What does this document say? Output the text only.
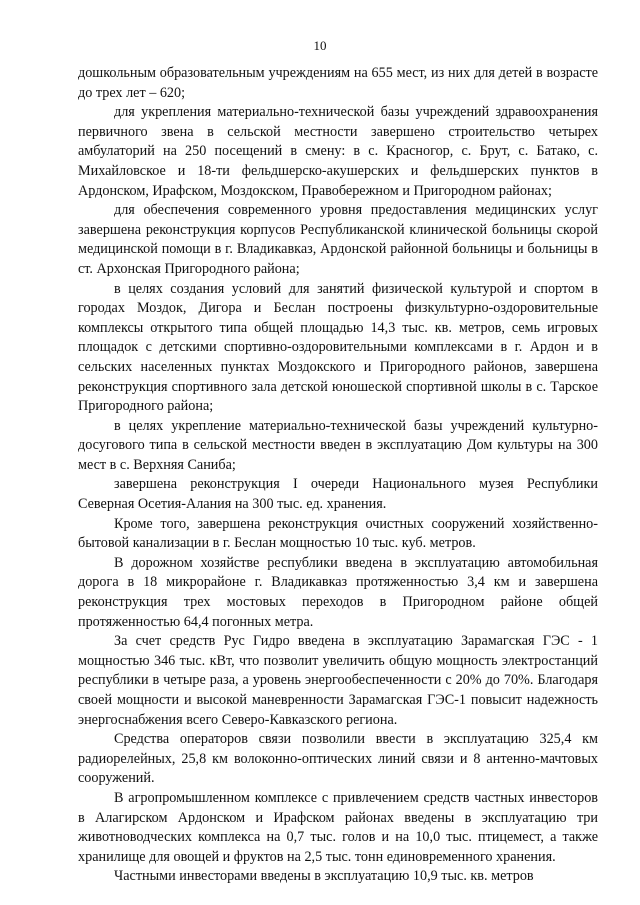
10

дошкольным образовательным учреждениям на 655 мест, из них для детей в возрасте до трех лет – 620;

для укрепления материально-технической базы учреждений здравоохранения первичного звена в сельской местности завершено строительство четырех амбулаторий на 250 посещений в смену: в с. Красногор, с. Брут, с. Батако, с. Михайловское и 18-ти фельдшерско-акушерских и фельдшерских пунктов в Ардонском, Ирафском, Моздокском, Правобережном и Пригородном районах;

для обеспечения современного уровня предоставления медицинских услуг завершена реконструкция корпусов Республиканской клинической больницы скорой медицинской помощи в г. Владикавказ, Ардонской районной больницы и больницы в ст. Архонская Пригородного района;

в целях создания условий для занятий физической культурой и спортом в городах Моздок, Дигора и Беслан построены физкультурно-оздоровительные комплексы открытого типа общей площадью 14,3 тыс. кв. метров, семь игровых площадок с детскими спортивно-оздоровительными комплексами в г. Ардон и в сельских населенных пунктах Моздокского и Пригородного районов, завершена реконструкция спортивного зала детской юношеской спортивной школы в с. Тарское Пригородного района;

в целях укрепление материально-технической базы учреждений культурно-досугового типа в сельской местности введен в эксплуатацию Дом культуры на 300 мест в с. Верхняя Саниба;

завершена реконструкция I очереди Национального музея Республики Северная Осетия-Алания на 300 тыс. ед. хранения.

Кроме того, завершена реконструкция очистных сооружений хозяйственно-бытовой канализации в г. Беслан мощностью 10 тыс. куб. метров.

В дорожном хозяйстве республики введена в эксплуатацию автомобильная дорога в 18 микрорайоне г. Владикавказ протяженностью 3,4 км и завершена реконструкция трех мостовых переходов в Пригородном районе общей протяженностью 64,4 погонных метра.

За счет средств Рус Гидро введена в эксплуатацию Зарамагская ГЭС - 1 мощностью 346 тыс. кВт, что позволит увеличить общую мощность электростанций республики в четыре раза, а уровень энергообеспеченности с 20% до 70%. Благодаря своей мощности и высокой маневренности Зарамагская ГЭС-1 повысит надежность энергоснабжения всего Северо-Кавказского региона.

Средства операторов связи позволили ввести в эксплуатацию 325,4 км радиорелейных, 25,8 км волоконно-оптических линий связи и 8 антенно-мачтовых сооружений.

В агропромышленном комплексе с привлечением средств частных инвесторов в Алагирском Ардонском и Ирафском районах введены в эксплуатацию три животноводческих комплекса на 0,7 тыс. голов и на 10,0 тыс. птицемест, а также хранилище для овощей и фруктов на 2,5 тыс. тонн единовременного хранения.

Частными инвесторами введены в эксплуатацию 10,9 тыс. кв. метров
